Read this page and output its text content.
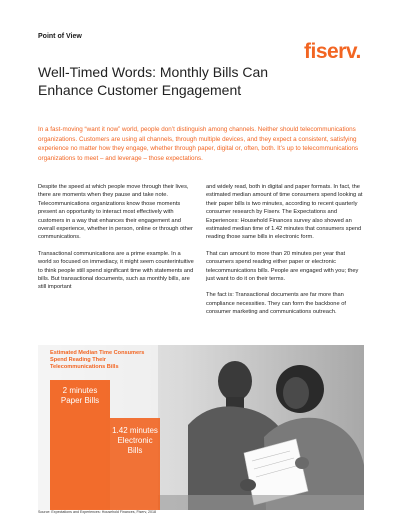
Point of View
fiserv.
Well-Timed Words: Monthly Bills Can Enhance Customer Engagement

In a fast-moving “want it now” world, people don’t distinguish among channels. Neither should telecommunications organizations. Customers are using all channels, through multiple devices, and they expect a consistent, satisfying experience no matter how they engage, whether through paper, digital or, often, both. It’s up to telecommunications organizations to meet – and leverage – those expectations.

Despite the speed at which people move through their lives, there are moments when they pause and take note. Telecommunications organizations know those moments present an opportunity to interact most effectively with customers in a way that enhances their engagement and overall experience, whether in person, online or through other communications.

Transactional communications are a prime example. In a world so focused on immediacy, it might seem counterintuitive to think people still spend significant time with statements and bills. But transactional documents, such as monthly bills, are still important

and widely read, both in digital and paper formats. In fact, the estimated median amount of time consumers spend looking at their paper bills is two minutes, according to recent quarterly consumer research by Fiserv. The Expectations and Experiences: Household Finances survey also showed an estimated median time of 1.42 minutes that consumers spend reading those same bills in electronic form.

That can amount to more than 20 minutes per year that consumers spend reading either paper or electronic telecommunications bills. People are engaged with you; they just want to do it on their terms.

The fact is: Transactional documents are far more than compliance necessities. They can form the backbone of consumer marketing and communications outreach.

Estimated Median Time Consumers Spend Reading Their Telecommunications Bills
2 minutes
Paper Bills
1.42 minutes
Electronic
Bills
Source: Expectations and Experiences: Household Finances, Fiserv, 2018
